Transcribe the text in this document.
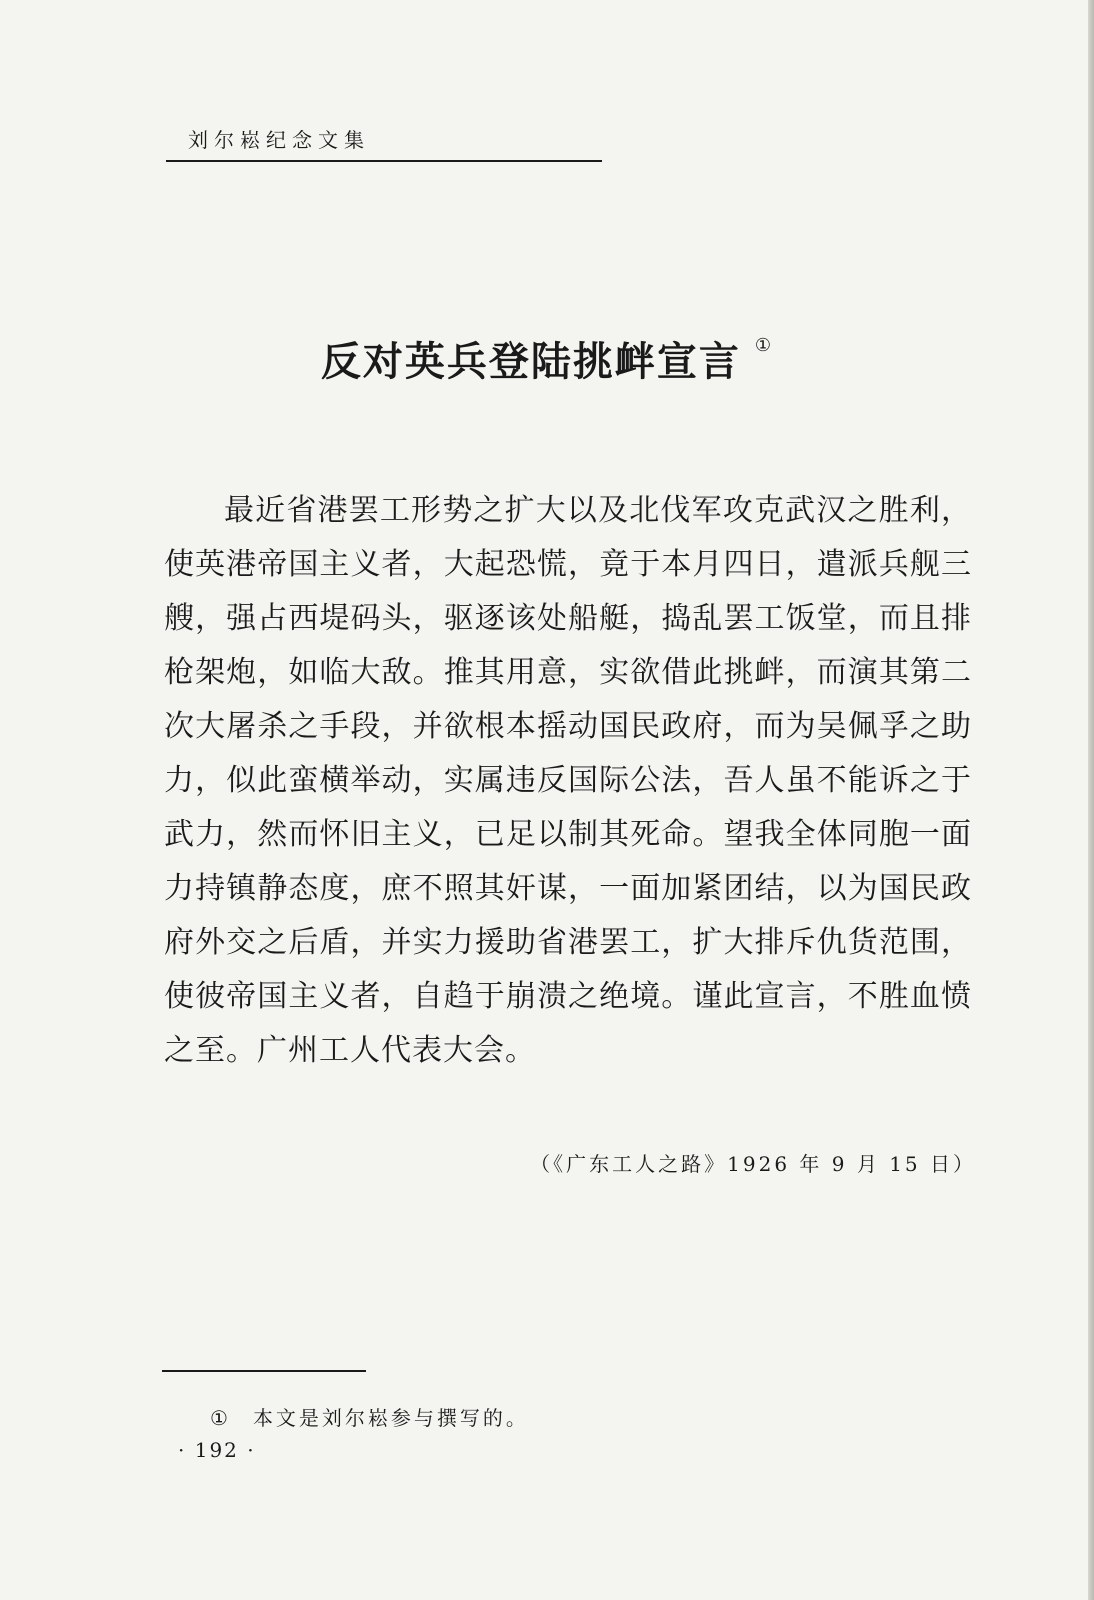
刘尔崧纪念文集
反对英兵登陆挑衅宣言 ①
最近省港罢工形势之扩大以及北伐军攻克武汉之胜利，使英港帝国主义者，大起恐慌，竟于本月四日，遣派兵舰三艘，强占西堤码头，驱逐该处船艇，捣乱罢工饭堂，而且排枪架炮，如临大敌。推其用意，实欲借此挑衅，而演其第二次大屠杀之手段，并欲根本摇动国民政府，而为吴佩孚之助力，似此蛮横举动，实属违反国际公法，吾人虽不能诉之于武力，然而怀旧主义，已足以制其死命。望我全体同胞一面力持镇静态度，庶不照其奸谋，一面加紧团结，以为国民政府外交之后盾，并实力援助省港罢工，扩大排斥仇货范围，使彼帝国主义者，自趋于崩溃之绝境。谨此宣言，不胜血愤之至。广州工人代表大会。
（《广东工人之路》1926 年 9 月 15 日）
① 本文是刘尔崧参与撰写的。
· 192 ·
